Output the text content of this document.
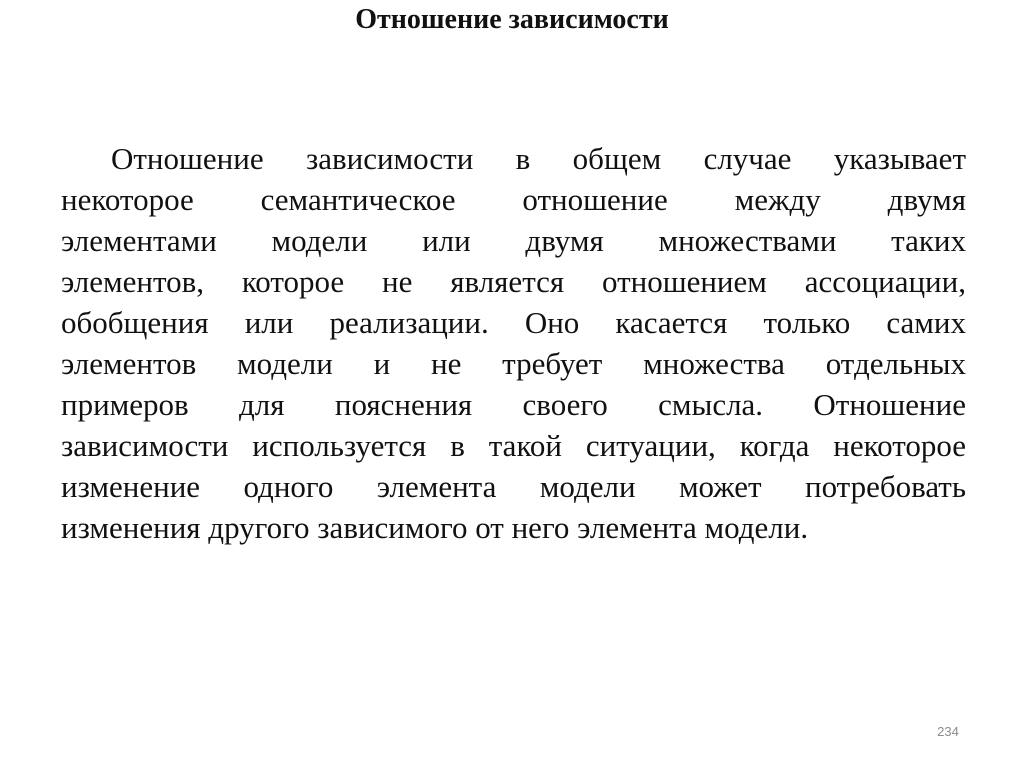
Отношение зависимости
Отношение зависимости в общем случае указывает
некоторое семантическое отношение между двумя
элементами модели или двумя множествами таких
элементов, которое не является отношением ассоциации,
обобщения или реализации. Оно касается только самих
элементов модели и не требует множества отдельных
примеров для пояснения своего смысла. Отношение
зависимости используется в такой ситуации, когда некоторое
изменение одного элемента модели может потребовать
изменения другого зависимого от него элемента модели.
234
